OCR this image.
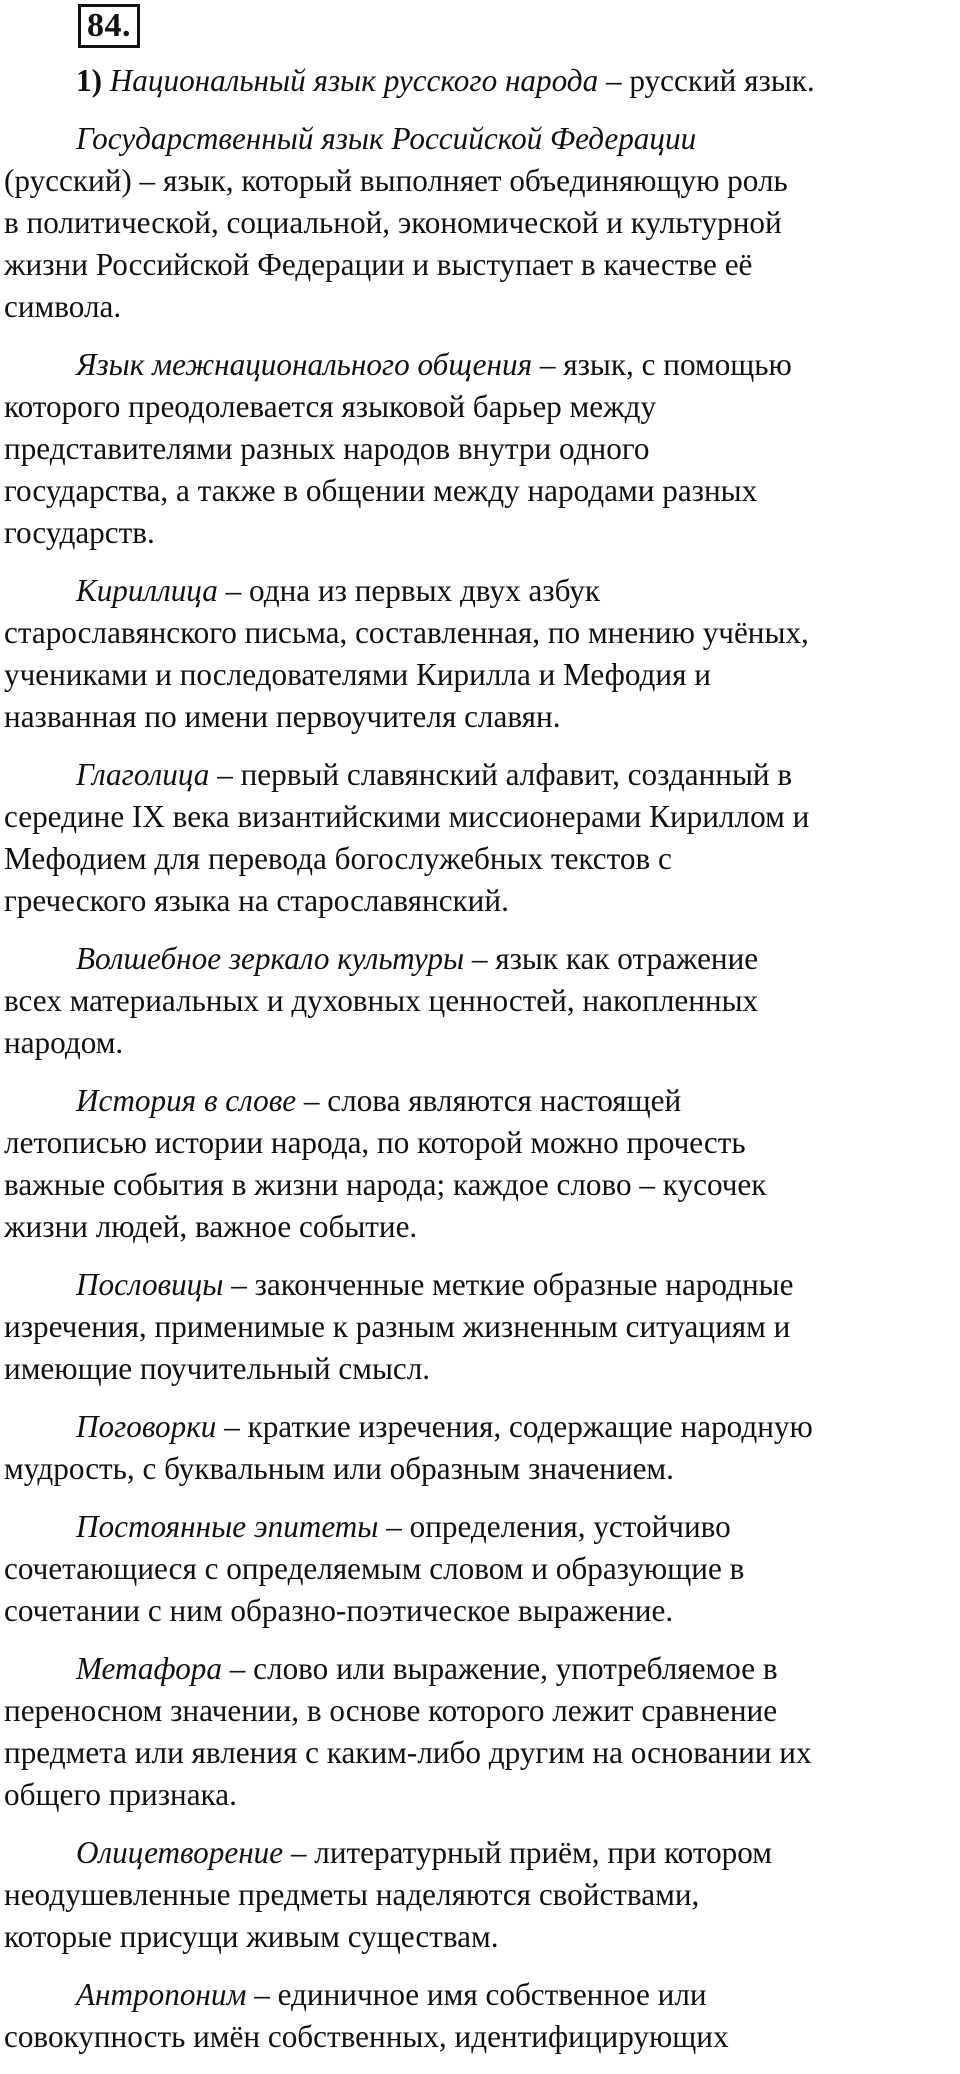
84.

1) Национальный язык русского народа – русский язык.

Государственный язык Российской Федерации
(русский) – язык, который выполняет объединяющую роль
в политической, социальной, экономической и культурной
жизни Российской Федерации и выступает в качестве её
символа.

Язык межнационального общения – язык, с помощью
которого преодолевается языковой барьер между
представителями разных народов внутри одного
государства, а также в общении между народами разных
государств.

Кириллица – одна из первых двух азбук
старославянского письма, составленная, по мнению учёных,
учениками и последователями Кирилла и Мефодия и
названная по имени первоучителя славян.

Глаголица – первый славянский алфавит, созданный в
середине IX века византийскими миссионерами Кириллом и
Мефодием для перевода богослужебных текстов с
греческого языка на старославянский.

Волшебное зеркало культуры – язык как отражение
всех материальных и духовных ценностей, накопленных
народом.

История в слове – слова являются настоящей
летописью истории народа, по которой можно прочесть
важные события в жизни народа; каждое слово – кусочек
жизни людей, важное событие.

Пословицы – законченные меткие образные народные
изречения, применимые к разным жизненным ситуациям и
имеющие поучительный смысл.

Поговорки – краткие изречения, содержащие народную
мудрость, с буквальным или образным значением.

Постоянные эпитеты – определения, устойчиво
сочетающиеся с определяемым словом и образующие в
сочетании с ним образно-поэтическое выражение.

Метафора – слово или выражение, употребляемое в
переносном значении, в основе которого лежит сравнение
предмета или явления с каким-либо другим на основании их
общего признака.

Олицетворение – литературный приём, при котором
неодушевленные предметы наделяются свойствами,
которые присущи живым существам.

Антропоним – единичное имя собственное или
совокупность имён собственных, идентифицирующих
